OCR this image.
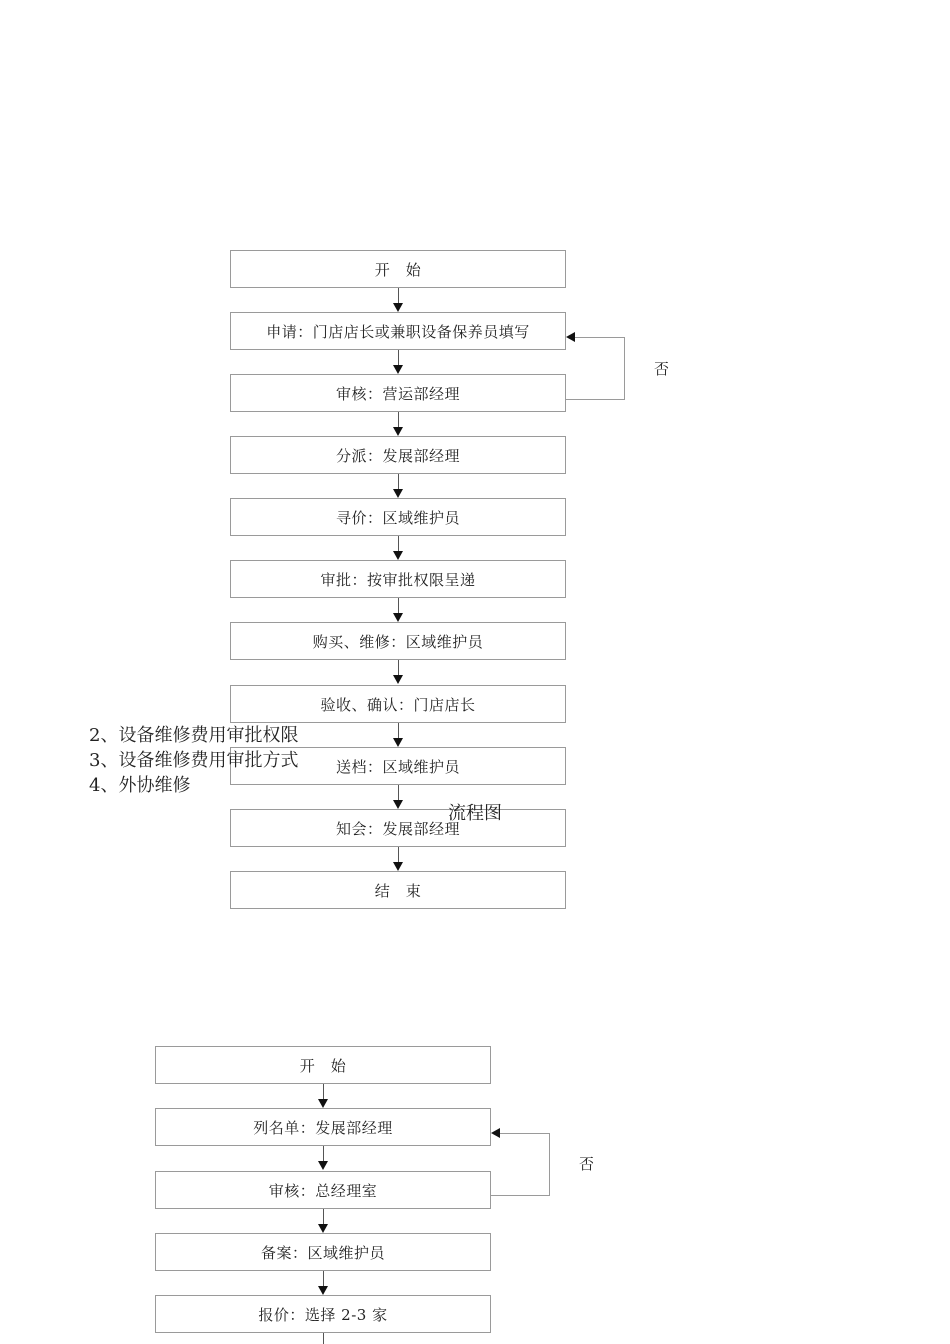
开　始
申请：门店店长或兼职设备保养员填写
审核：营运部经理
分派：发展部经理
寻价：区域维护员
审批：按审批权限呈递
购买、维修：区域维护员
验收、确认：门店店长
送档：区域维护员
知会：发展部经理
结　束
否
2、设备维修费用审批权限
3、设备维修费用审批方式
4、外协维修
流程图
开　始
列名单：发展部经理
审核：总经理室
备案：区域维护员
报价：选择 2-3 家
否
